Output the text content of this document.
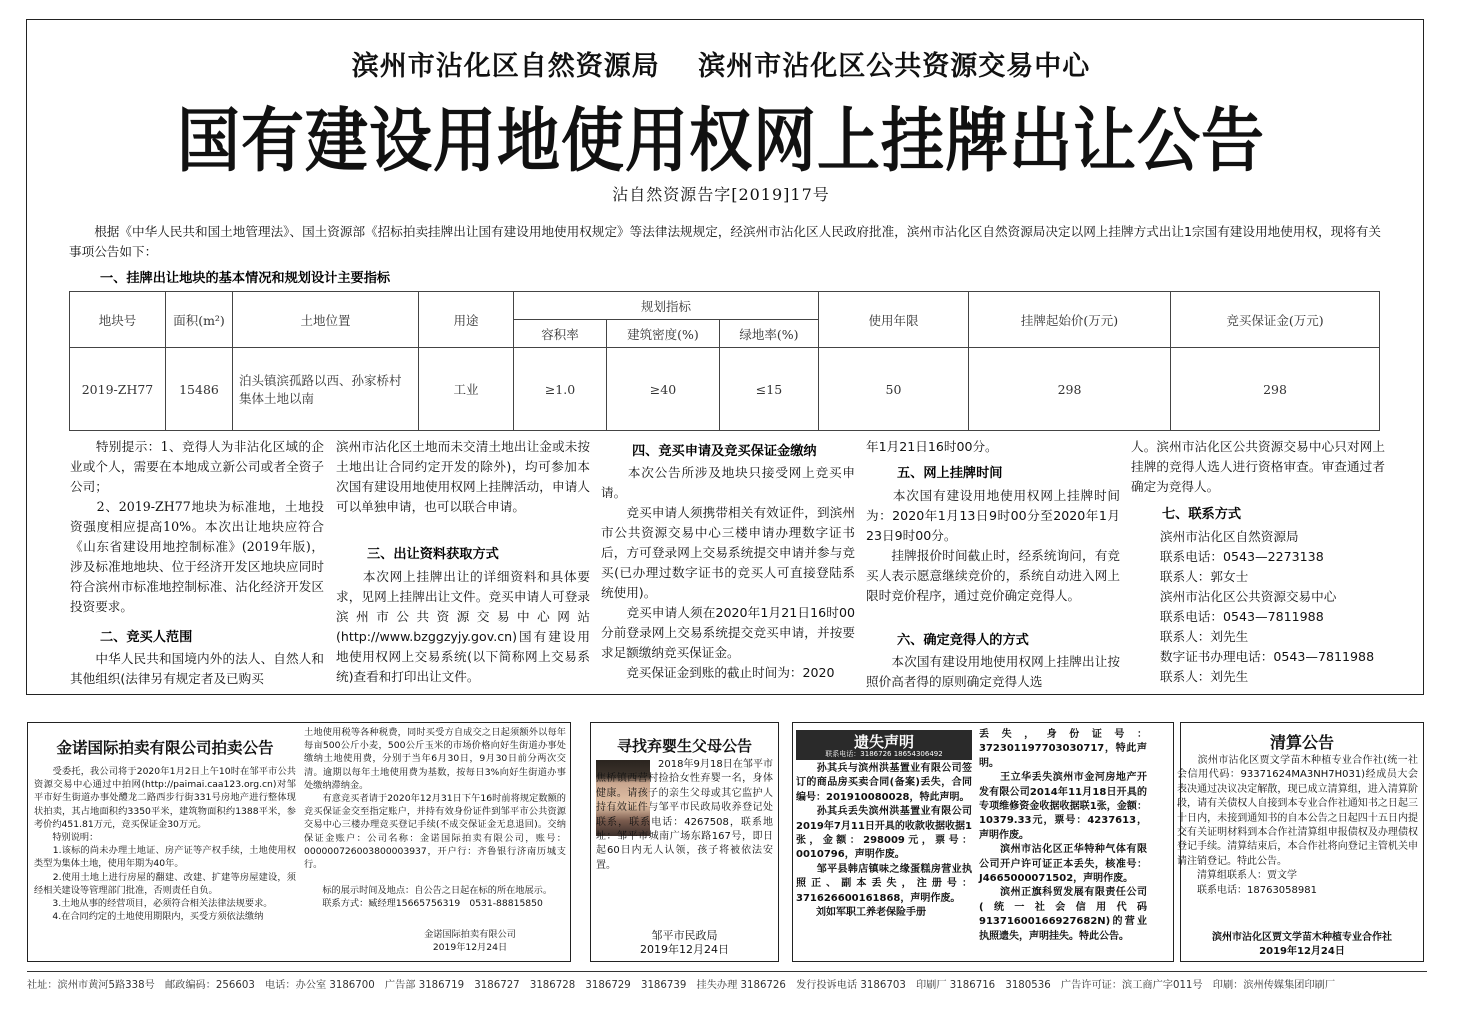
滨州市沾化区自然资源局　 滨州市沾化区公共资源交易中心
国有建设用地使用权网上挂牌出让公告
沾自然资源告字[2019]17号
根据《中华人民共和国土地管理法》、国土资源部《招标拍卖挂牌出让国有建设用地使用权规定》等法律法规规定，经滨州市沾化区人民政府批准，滨州市沾化区自然资源局决定以网上挂牌方式出让1宗国有建设用地使用权，现将有关事项公告如下：
一、挂牌出让地块的基本情况和规划设计主要指标
地块号	面积(m²)	土地位置	用途	规划指标			使用年限	挂牌起始价(万元)	竞买保证金(万元)
				容积率	建筑密度(%)	绿地率(%)			
2019-ZH77	15486	泊头镇滨孤路以西、孙家桥村集体土地以南	工业	≥1.0	≥40	≤15	50	298	298
　　特别提示：1、竞得人为非沾化区域的企业或个人，需要在本地成立新公司或者全资子公司；
　　2、2019-ZH77地块为标准地，土地投资强度相应提高10%。本次出让地块应符合《山东省建设用地控制标准》(2019年版)，涉及标准地地块、位于经济开发区地块应同时符合滨州市标准地控制标准、沾化经济开发区投资要求。
二、竞买人范围
　　中华人民共和国境内外的法人、自然人和其他组织(法律另有规定者及已购买
滨州市沾化区土地而未交清土地出让金或未按土地出让合同约定开发的除外)，均可参加本次国有建设用地使用权网上挂牌活动，申请人可以单独申请，也可以联合申请。
三、出让资料获取方式
　　本次网上挂牌出让的详细资料和具体要求，见网上挂牌出让文件。竞买申请人可登录滨州市公共资源交易中心网站(http://www.bzggzyjy.gov.cn)国有建设用地使用权网上交易系统(以下简称网上交易系统)查看和打印出让文件。
四、竞买申请及竞买保证金缴纳
　　本次公告所涉及地块只接受网上竞买申请。
　　竞买申请人须携带相关有效证件，到滨州市公共资源交易中心三楼申请办理数字证书后，方可登录网上交易系统提交申请并参与竞买(已办理过数字证书的竞买人可直接登陆系统使用)。
　　竞买申请人须在2020年1月21日16时00分前登录网上交易系统提交竞买申请，并按要求足额缴纳竞买保证金。
　　竞买保证金到账的截止时间为：2020
年1月21日16时00分。
五、网上挂牌时间
　　本次国有建设用地使用权网上挂牌时间为：2020年1月13日9时00分至2020年1月23日9时00分。
　　挂牌报价时间截止时，经系统询问，有竞买人表示愿意继续竞价的，系统自动进入网上限时竞价程序，通过竞价确定竞得人。
六、确定竞得人的方式
　　本次国有建设用地使用权网上挂牌出让按照价高者得的原则确定竞得人选
人。滨州市沾化区公共资源交易中心只对网上挂牌的竞得人选人进行资格审查。审查通过者确定为竞得人。
七、联系方式
滨州市沾化区自然资源局
联系电话：0543—2273138
联系人：郭女士
滨州市沾化区公共资源交易中心
联系电话：0543—7811988
联系人：刘先生
数字证书办理电话：0543—7811988
联系人：刘先生
金诺国际拍卖有限公司拍卖公告
　　受委托，我公司将于2020年1月2日上午10时在邹平市公共资源交易中心通过中拍网(http://paimai.caa123.org.cn)对邹平市好生街道办事处醴龙二路西步行街331号房地产进行整体现状拍卖，其占地面积约3350平米，建筑物面积约1388平米，参考价约451.81万元，竞买保证金30万元。
　　特别说明：
　　1.该标的尚未办理土地证、房产证等产权手续，土地使用权类型为集体土地，使用年期为40年。
　　2.使用土地上进行房屋的翻建、改建、扩建等房屋建设，须经相关建设等管理部门批准，否则责任自负。
　　3.土地从事的经营项目，必须符合相关法律法规要求。
　　4.在合同约定的土地使用期限内，买受方须依法缴纳
土地使用税等各种税费，同时买受方自成交之日起须额外以每年每亩500公斤小麦，500公斤玉米的市场价格向好生街道办事处缴纳土地使用费，分别于当年6月30日，9月30日前分两次交清。逾期以每年土地使用费为基数，按每日3%向好生街道办事处缴纳滞纳金。
　　有意竞买者请于2020年12月31日下午16时前将规定数额的竞买保证金交至指定账户，并持有效身份证件到邹平市公共资源交易中心三楼办理竞买登记手续(不成交保证金无息退回)。交纳保证金账户：公司名称：金诺国际拍卖有限公司，账号：000000726003800003937，开户行：齐鲁银行济南历城支行。
　　标的展示时间及地点：自公告之日起在标的所在地展示。
　　联系方式：臧经理15665756319　0531-88815850
金诺国际拍卖有限公司
2019年12月24日
寻找弃婴生父母公告
2018年9月18日在邹平市焦桥镇西营村捡拾女性弃婴一名，身体健康。请孩子的亲生父母或其它监护人持有效证件与邹平市民政局收养登记处联系，联系电话：4267508，联系地址：邹平市城南广场东路167号，即日起60日内无人认领，孩子将被依法安置。
邹平市民政局
2019年12月24日
遗失声明
联系电话：3186726 18654306492
　　孙其兵与滨州洪基置业有限公司签订的商品房买卖合同(备案)丢失，合同编号：201910080028，特此声明。
　　孙其兵丢失滨州洪基置业有限公司2019年7月11日开具的收款收据收据1张，金额：298009元，票号：0010796，声明作废。
　　邹平县韩店镇味之缘蛋糕房营业执照正、副本丢失，注册号：371626600161868，声明作废。
　　刘如军职工养老保险手册
丢失，身份证号：372301197703030717，特此声明。
　　王立华丢失滨州市金河房地产开发有限公司2014年11月18日开具的专项维修资金收据收据联1张，金额：10379.33元，票号：4237613，声明作废。
　　滨州市沾化区正华特种气体有限公司开户许可证正本丢失，核准号：J4665000071502，声明作废。
　　滨州正旗科贸发展有限责任公司(统一社会信用代码91371600166927682N)的营业执照遗失，声明挂失。特此公告。
清算公告
　　滨州市沾化区贾文学苗木种植专业合作社(统一社会信用代码：93371624MA3NH7H031)经成员大会表决通过决议决定解散，现已成立清算组，进入清算阶段，请有关债权人自接到本专业合作社通知书之日起三十日内，未接到通知书的自本公告之日起四十五日内提交有关证明材料到本合作社清算组申报债权及办理债权登记手续。清算结束后，本合作社将向登记主管机关申请注销登记。特此公告。
　　清算组联系人：贾文学
　　联系电话：18763058981
滨州市沾化区贾文学苗木种植专业合作社
2019年12月24日
社址：滨州市黄河5路338号　邮政编码：256603　电话：办公室 3186700　广告部 3186719　3186727　3186728　3186729　3186739　挂失办理 3186726　发行投诉电话 3186703　印刷厂 3186716　3180536　广告许可证：滨工商广字011号　印刷：滨州传媒集团印刷厂
